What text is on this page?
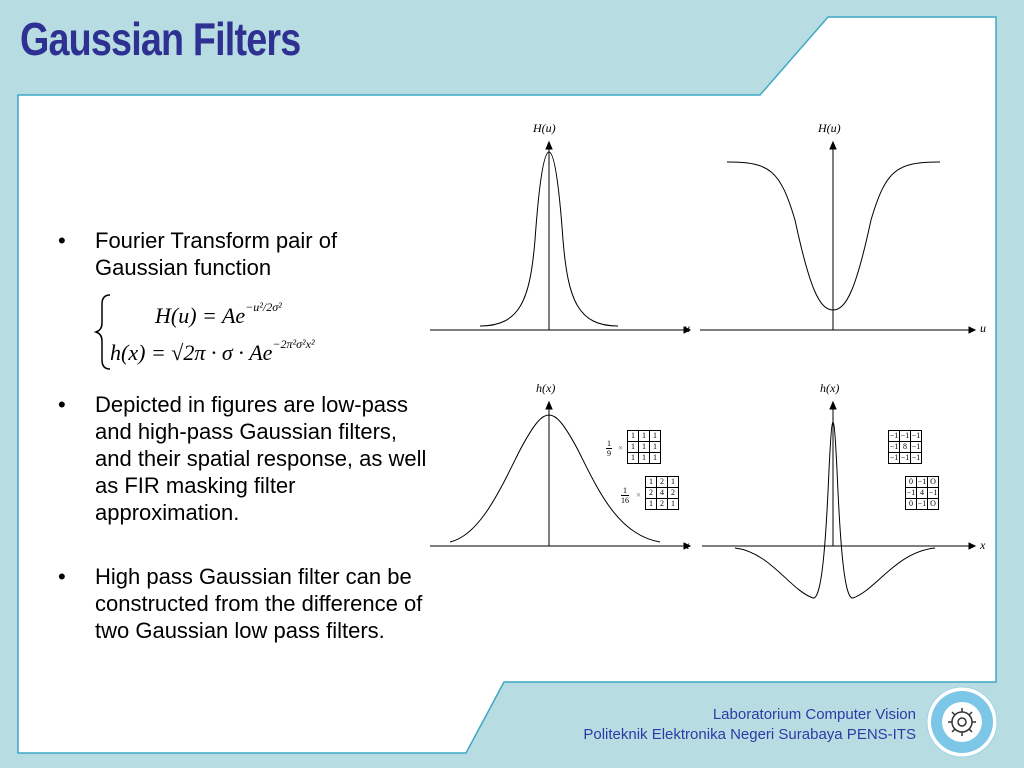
Gaussian Filters
• Fourier Transform pair of Gaussian function
$H(u) = Ae^{-u^2/2\sigma^2}$
$h(x) = √2\pi \cdot \sigma \cdot Ae^{-2\pi^2\sigma^2x^2}$
• Depicted in figures are low-pass and high-pass Gaussian filters, and their spatial response, as well as FIR masking filter approximation.
• High pass Gaussian filter can be constructed from the difference of two Gaussian low pass filters.
H(u)	H(u)
u	u
h(x)	h(x)
x	x
$\frac{1}{9}$ ×
1	1	1
1	1	1
1	1	1
$\frac{1}{16}$ ×
1	2	1
2	4	2
1	2	1
−1	−1	−1
−1	8	−1
−1	−1	−1
0	−1	O
−1	4	−1
0	−1	O
Laboratorium Computer Vision
Politeknik Elektronika Negeri Surabaya PENS-ITS
